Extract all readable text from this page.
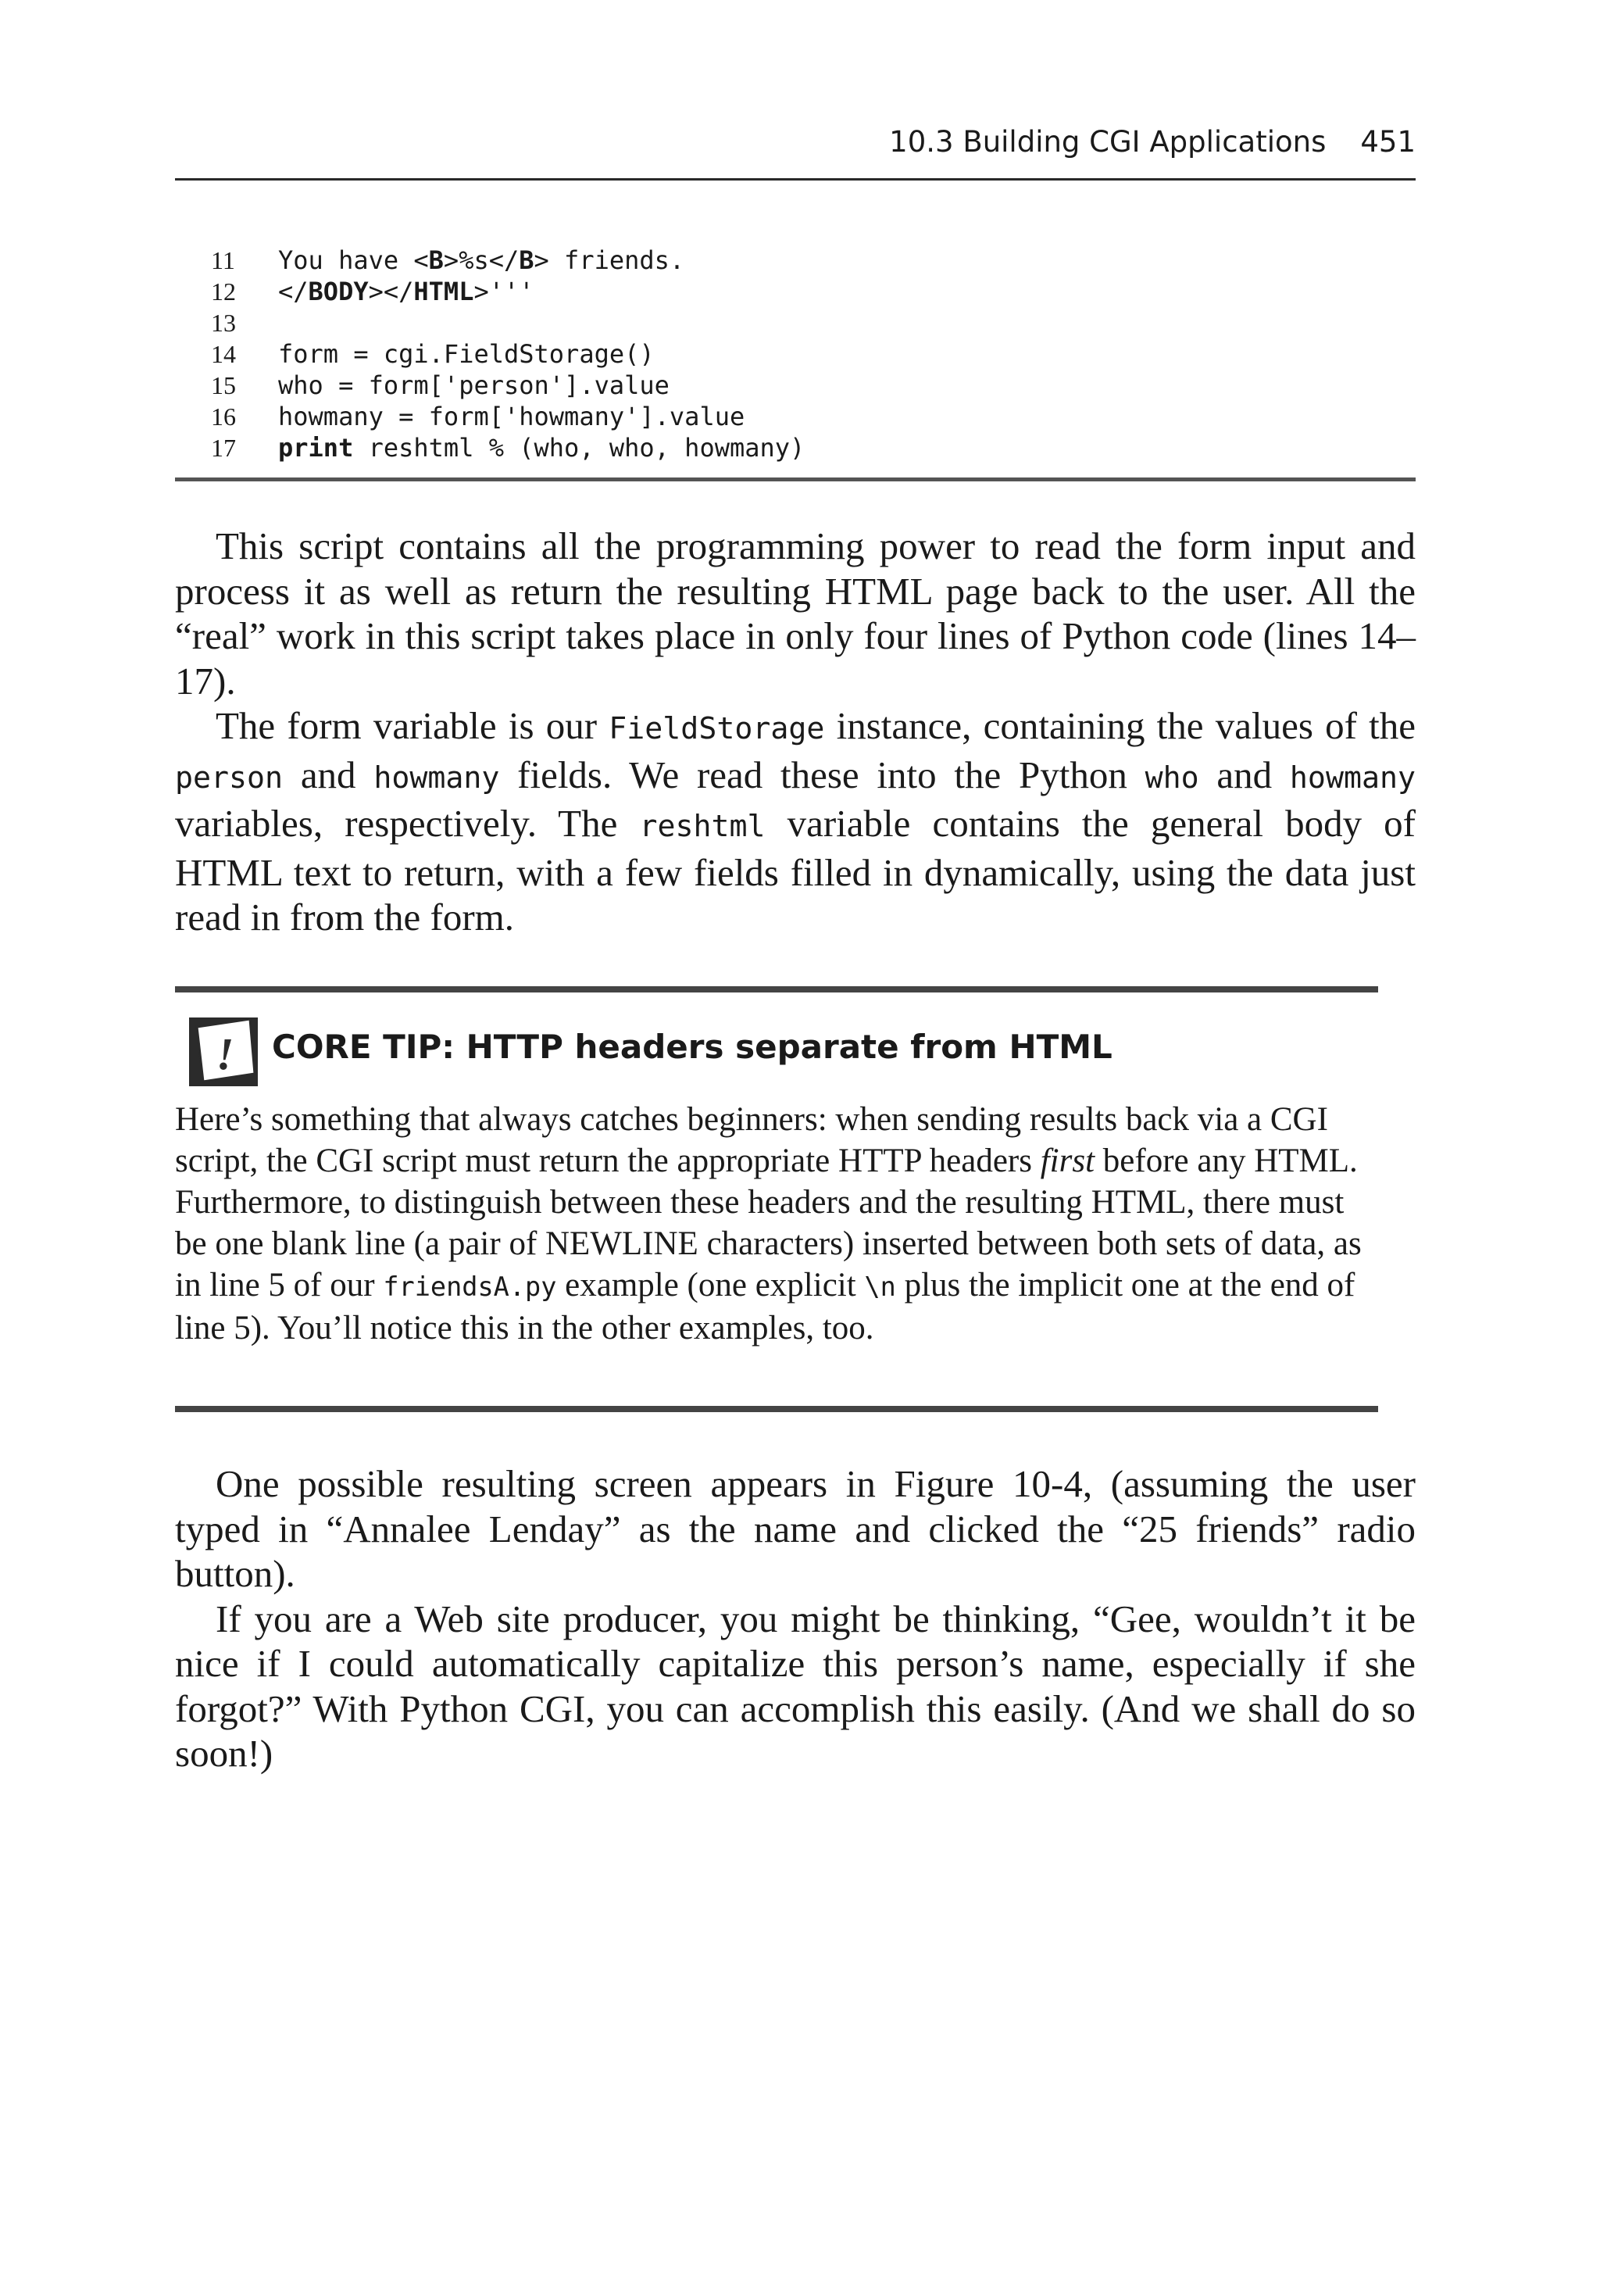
10.3 Building CGI Applications 451
11 You have <B>%s</B> friends.
12 </BODY></HTML>'''
13
14 form = cgi.FieldStorage()
15 who = form['person'].value
16 howmany = form['howmany'].value
17 print reshtml % (who, who, howmany)

This script contains all the programming power to read the form input and process it as well as return the resulting HTML page back to the user. All the “real” work in this script takes place in only four lines of Python code (lines 14–17).

The form variable is our FieldStorage instance, containing the values of the person and howmany fields. We read these into the Python who and howmany variables, respectively. The reshtml variable contains the general body of HTML text to return, with a few fields filled in dynamically, using the data just read in from the form.

! CORE TIP: HTTP headers separate from HTML

Here’s something that always catches beginners: when sending results back via a CGI script, the CGI script must return the appropriate HTTP headers first before any HTML. Furthermore, to distinguish between these headers and the resulting HTML, there must be one blank line (a pair of NEWLINE characters) inserted between both sets of data, as in line 5 of our friendsA.py example (one explicit \n plus the implicit one at the end of line 5). You’ll notice this in the other examples, too.

One possible resulting screen appears in Figure 10-4, (assuming the user typed in “Annalee Lenday” as the name and clicked the “25 friends” radio button).

If you are a Web site producer, you might be thinking, “Gee, wouldn’t it be nice if I could automatically capitalize this person’s name, especially if she forgot?” With Python CGI, you can accomplish this easily. (And we shall do so soon!)
